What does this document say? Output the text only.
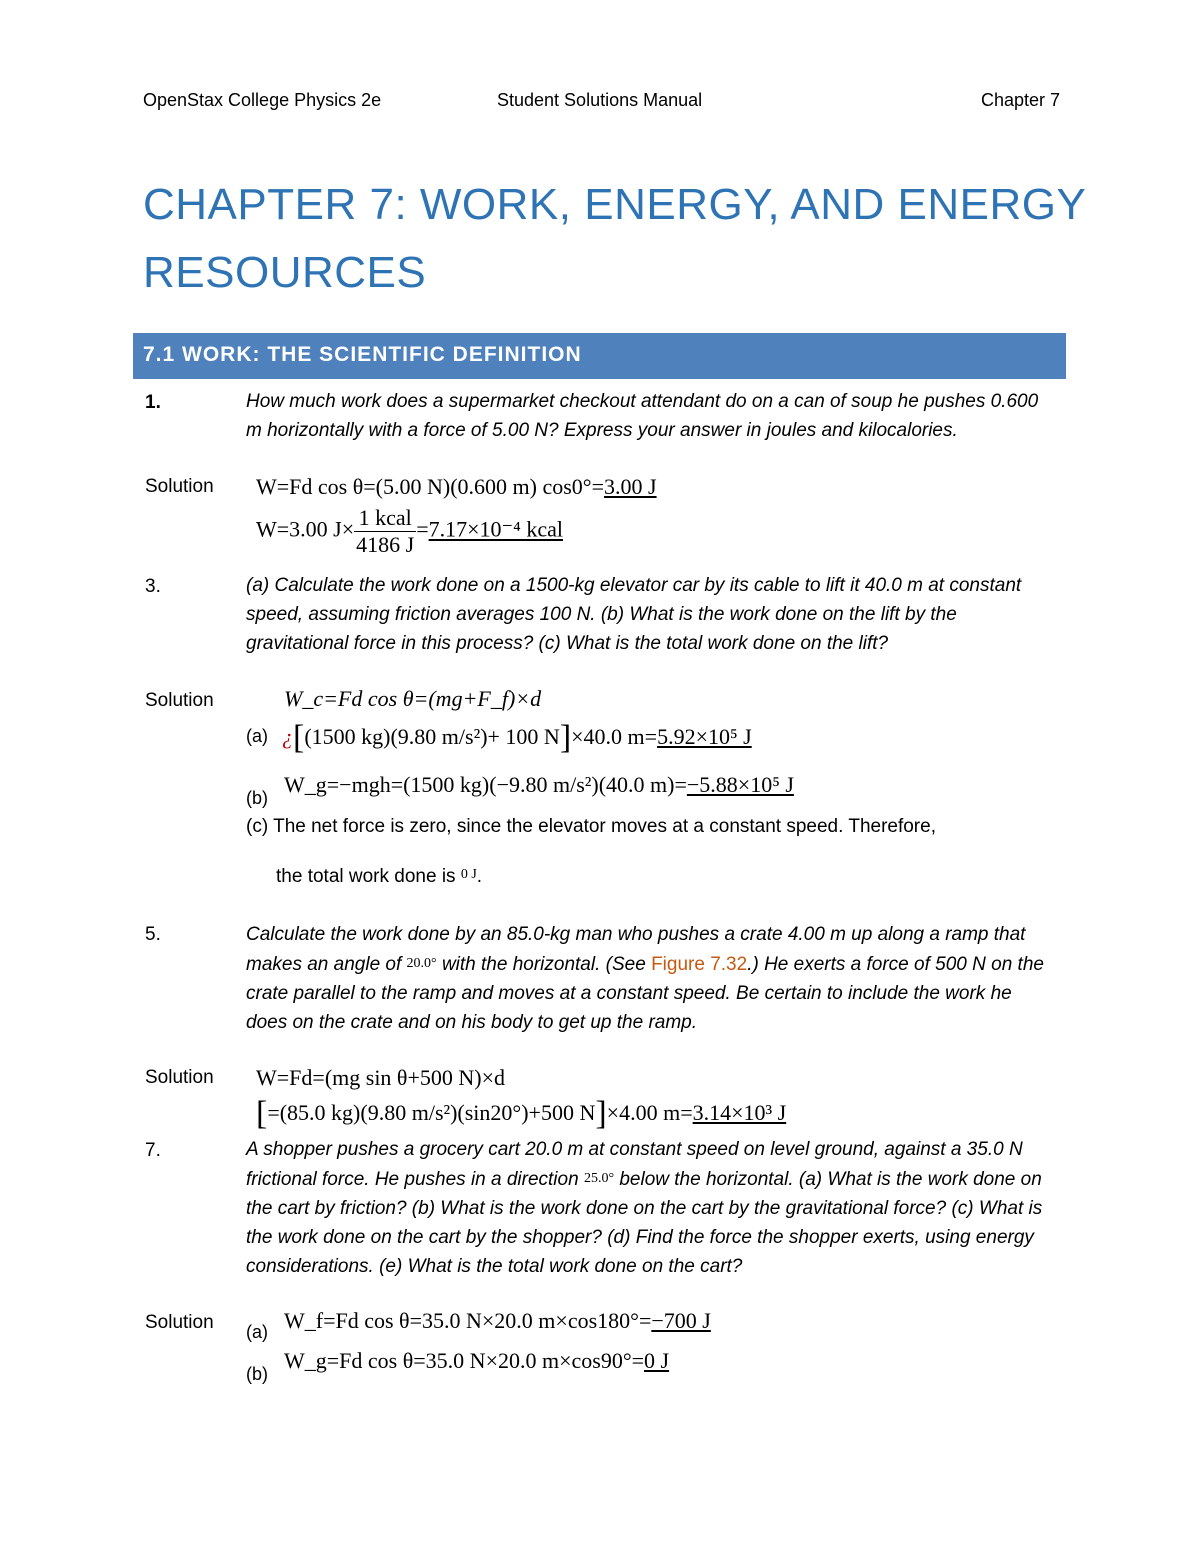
OpenStax College Physics 2e	Student Solutions Manual	Chapter 7
CHAPTER 7: WORK, ENERGY, AND ENERGY
RESOURCES
7.1 WORK: THE SCIENTIFIC DEFINITION
1.	How much work does a supermarket checkout attendant do on a can of soup he pushes 0.600 m horizontally with a force of 5.00 N? Express your answer in joules and kilocalories.
Solution W=Fd cos θ=(5.00 N)(0.600 m) cos0°=3.00 J
W=3.00 $J\times \frac{\text{1 kcal}}{4186 J} =7.17\times 10^{-4}$ kcal
3.	(a) Calculate the work done on a 1500-kg elevator car by its cable to lift it 40.0 m at constant speed, assuming friction averages 100 N. (b) What is the work done on the lift by the gravitational force in this process? (c) What is the total work done on the lift?
Solution	W_c=Fd cos θ=(mg+F_f)×d
(a) ¿[(1500 kg)(9.80 m/s²)+ 100 N]×40.0 m=5.92×10⁵ J
(b)
W_g=−mgh=(1500 kg)(−9.80 m/s²)(40.0 m)=−5.88×10⁵ J
(c) The net force is zero, since the elevator moves at a constant speed. Therefore,
the total work done is $^{0 J}$.
5.	Calculate the work done by an 85.0-kg man who pushes a crate 4.00 m up along a ramp that makes an angle of 20.0° with the horizontal. (See Figure 7.32.) He exerts a force of 500 N on the crate parallel to the ramp and moves at a constant speed. Be certain to include the work he does on the crate and on his body to get up the ramp.
Solution W=Fd=(mg sin θ+500 N)×d
[=(85.0 kg)(9.80 m/s²)(sin20°)+500 N]×4.00 m=3.14×10³ J
7.	A shopper pushes a grocery cart 20.0 m at constant speed on level ground, against a 35.0 N frictional force. He pushes in a direction 25.0° below the horizontal. (a) What is the work done on the cart by friction? (b) What is the work done on the cart by the gravitational force? (c) What is the work done on the cart by the shopper? (d) Find the force the shopper exerts, using energy considerations. (e) What is the total work done on the cart?
Solution (a) W_f=Fd cos θ=35.0 N×20.0 m×cos180°=−700 J
(b)
W_g=Fd cos θ=35.0 N×20.0 m×cos90°=0 J
